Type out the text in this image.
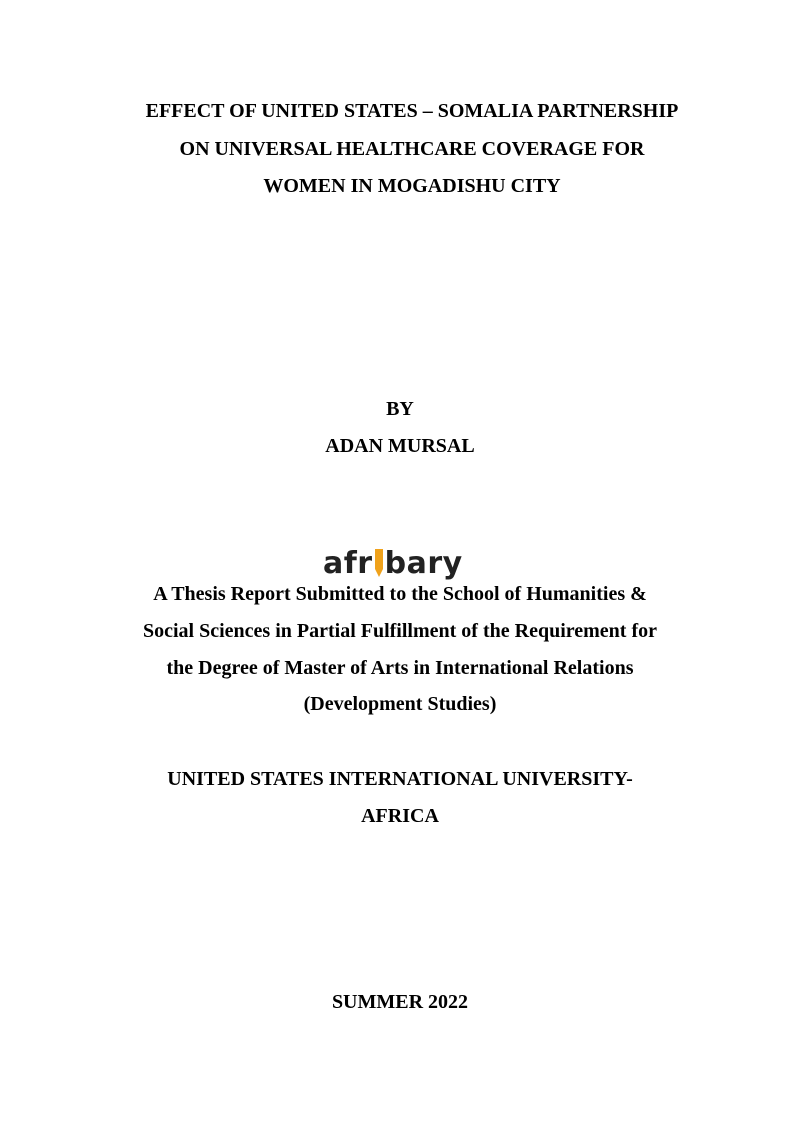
EFFECT OF UNITED STATES – SOMALIA PARTNERSHIP
ON UNIVERSAL HEALTHCARE COVERAGE FOR
WOMEN IN MOGADISHU CITY
BY
ADAN MURSAL
afr bary
A Thesis Report Submitted to the School of Humanities &
Social Sciences in Partial Fulfillment of the Requirement for
the Degree of Master of Arts in International Relations
(Development Studies)
UNITED STATES INTERNATIONAL UNIVERSITY-
AFRICA
SUMMER 2022
